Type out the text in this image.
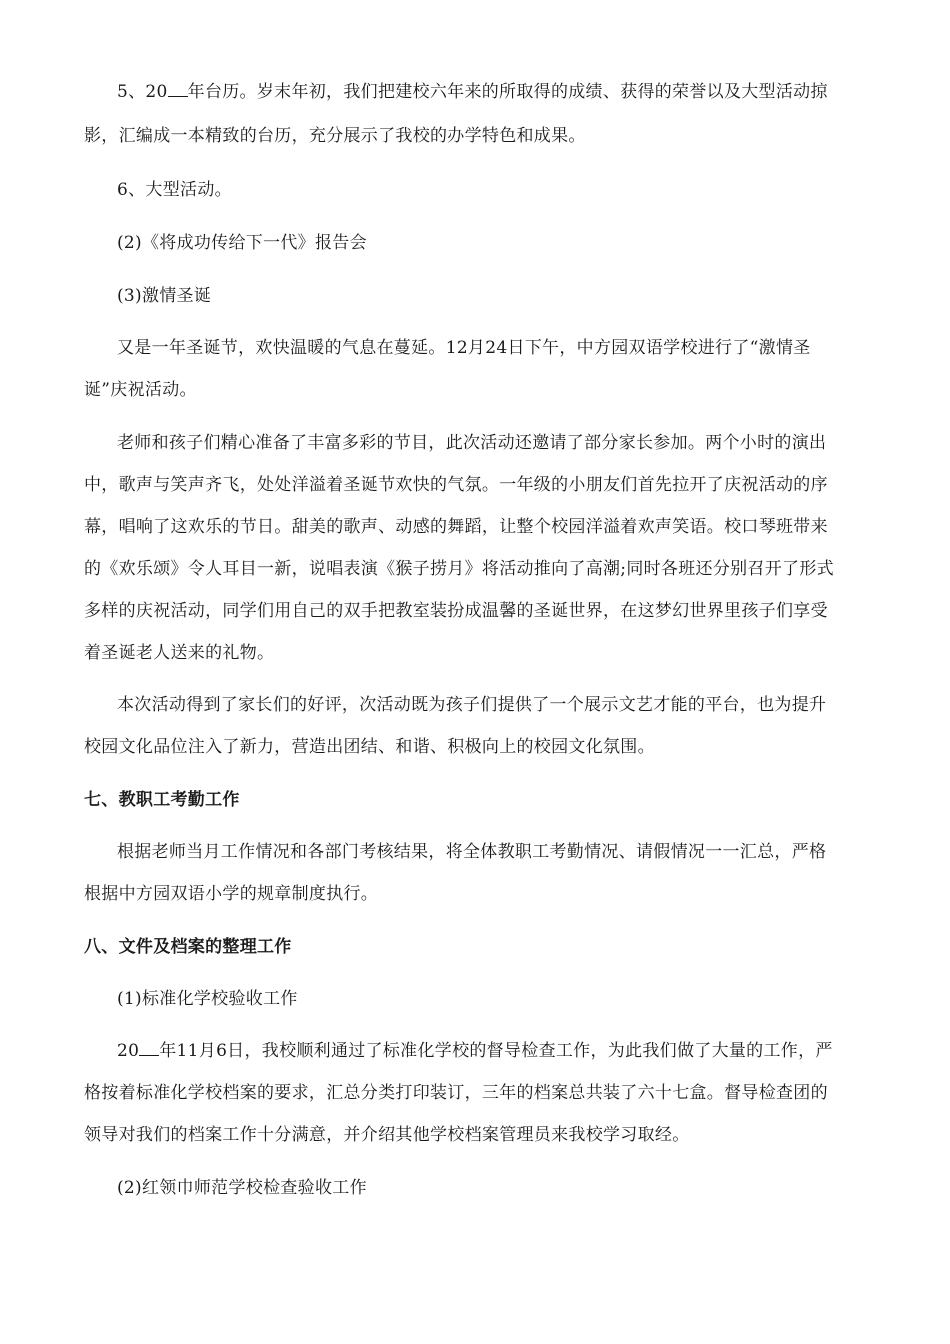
5、20 年台历。岁末年初，我们把建校六年来的所取得的成绩、获得的荣誉以及大型活动掠
影，汇编成一本精致的台历，充分展示了我校的办学特色和成果。
6、大型活动。
(2)《将成功传给下一代》报告会
(3)激情圣诞
又是一年圣诞节，欢快温暖的气息在蔓延。12月24日下午，中方园双语学校进行了“激情圣
诞”庆祝活动。
老师和孩子们精心准备了丰富多彩的节目，此次活动还邀请了部分家长参加。两个小时的演出
中，歌声与笑声齐飞，处处洋溢着圣诞节欢快的气氛。一年级的小朋友们首先拉开了庆祝活动的序
幕，唱响了这欢乐的节日。甜美的歌声、动感的舞蹈，让整个校园洋溢着欢声笑语。校口琴班带来
的《欢乐颂》令人耳目一新，说唱表演《猴子捞月》将活动推向了高潮;同时各班还分别召开了形式
多样的庆祝活动，同学们用自己的双手把教室装扮成温馨的圣诞世界，在这梦幻世界里孩子们享受
着圣诞老人送来的礼物。
本次活动得到了家长们的好评，次活动既为孩子们提供了一个展示文艺才能的平台，也为提升
校园文化品位注入了新力，营造出团结、和谐、积极向上的校园文化氛围。
七、教职工考勤工作
根据老师当月工作情况和各部门考核结果，将全体教职工考勤情况、请假情况一一汇总，严格
根据中方园双语小学的规章制度执行。
八、文件及档案的整理工作
(1)标准化学校验收工作
20 年11月6日，我校顺利通过了标准化学校的督导检查工作，为此我们做了大量的工作，严
格按着标准化学校档案的要求，汇总分类打印装订，三年的档案总共装了六十七盒。督导检查团的
领导对我们的档案工作十分满意，并介绍其他学校档案管理员来我校学习取经。
(2)红领巾师范学校检查验收工作
